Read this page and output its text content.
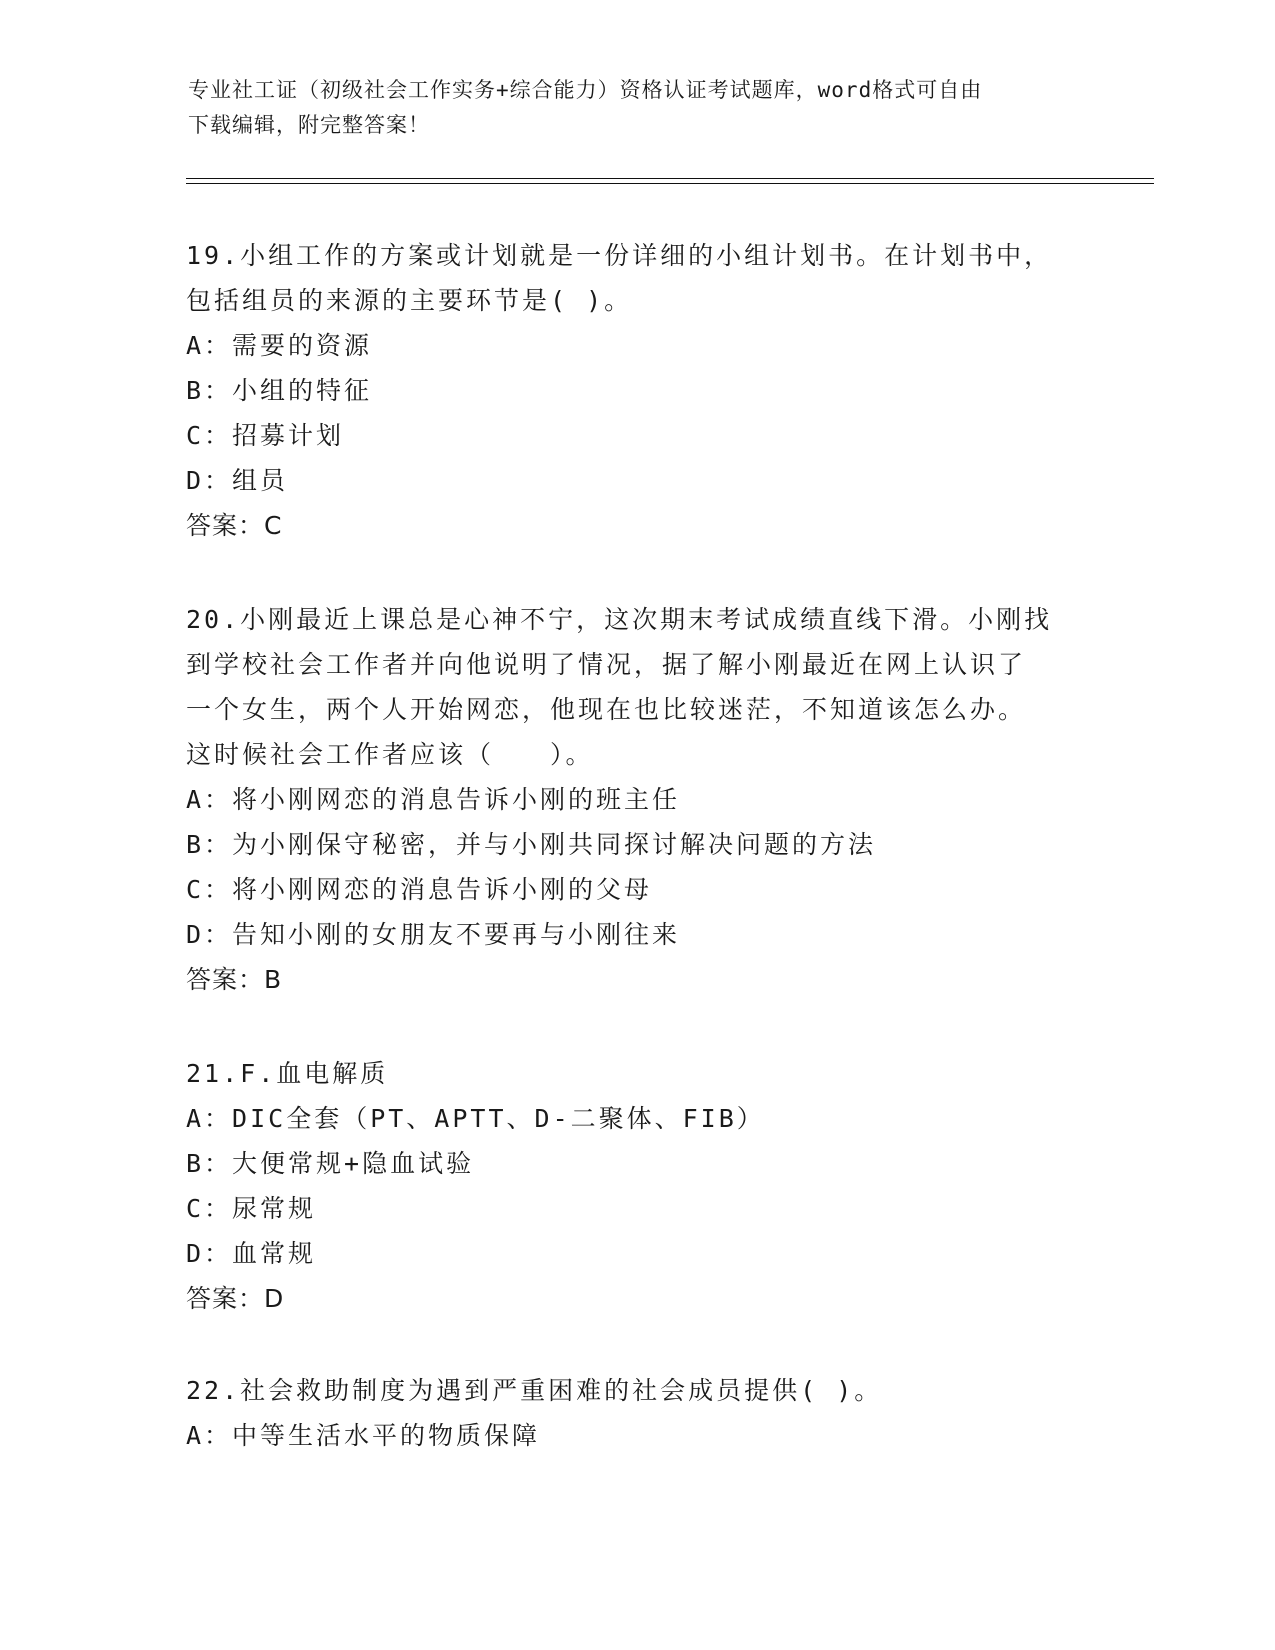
专业社工证（初级社会工作实务+综合能力）资格认证考试题库，word格式可自由
下载编辑，附完整答案！

19.小组工作的方案或计划就是一份详细的小组计划书。在计划书中，

包括组员的来源的主要环节是( )。

A：需要的资源

B：小组的特征

C：招募计划

D：组员

答案：C

20.小刚最近上课总是心神不宁，这次期末考试成绩直线下滑。小刚找

到学校社会工作者并向他说明了情况，据了解小刚最近在网上认识了

一个女生，两个人开始网恋，他现在也比较迷茫，不知道该怎么办。

这时候社会工作者应该（　　）。

A：将小刚网恋的消息告诉小刚的班主任

B：为小刚保守秘密，并与小刚共同探讨解决问题的方法

C：将小刚网恋的消息告诉小刚的父母

D：告知小刚的女朋友不要再与小刚往来

答案：B

21.F.血电解质

A：DIC全套（PT、APTT、D-二聚体、FIB）

B：大便常规+隐血试验

C：尿常规

D：血常规

答案：D

22.社会救助制度为遇到严重困难的社会成员提供( )。

A：中等生活水平的物质保障
